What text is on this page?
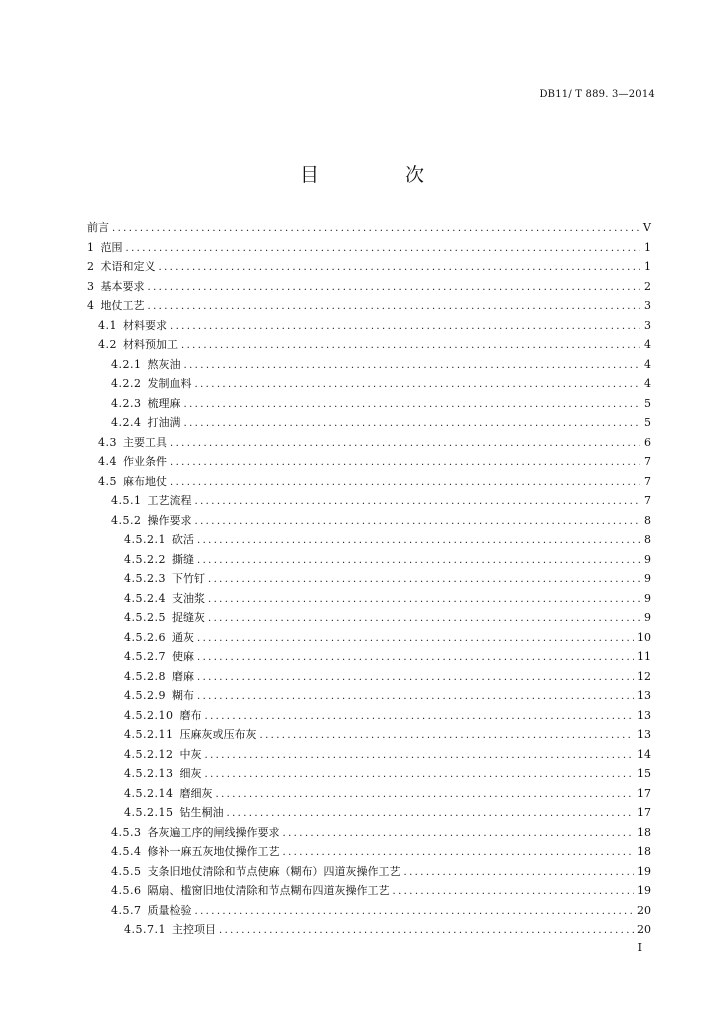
DB11/ T 889. 3—2014
目 次
前言 .....	V
1 范围 .....	1
2 术语和定义 .....	1
3 基本要求 .....	2
4 地仗工艺 .....	3
4.1 材料要求 .....	3
4.2 材料预加工 .....	4
4.2.1 熬灰油 .....	4
4.2.2 发制血料 .....	4
4.2.3 梳理麻 .....	5
4.2.4 打油满 .....	5
4.3 主要工具 .....	6
4.4 作业条件 .....	7
4.5 麻布地仗 .....	7
4.5.1 工艺流程 .....	7
4.5.2 操作要求 .....	8
4.5.2.1 砍活 .....	8
4.5.2.2 撕缝 .....	9
4.5.2.3 下竹钉 .....	9
4.5.2.4 支油浆 .....	9
4.5.2.5 捉缝灰 .....	9
4.5.2.6 通灰 .....	10
4.5.2.7 使麻 .....	11
4.5.2.8 磨麻 .....	12
4.5.2.9 糊布 .....	13
4.5.2.10 磨布 .....	13
4.5.2.11 压麻灰或压布灰 .....	13
4.5.2.12 中灰 .....	14
4.5.2.13 细灰 .....	15
4.5.2.14 磨细灰 .....	17
4.5.2.15 钻生桐油 .....	17
4.5.3 各灰遍工序的闸线操作要求 .....	18
4.5.4 修补一麻五灰地仗操作工艺 .....	18
4.5.5 支条旧地仗清除和节点使麻（糊布）四道灰操作工艺 .....	19
4.5.6 隔扇、槛窗旧地仗清除和节点糊布四道灰操作工艺 .....	19
4.5.7 质量检验 .....	20
4.5.7.1 主控项目 .....	20
I
